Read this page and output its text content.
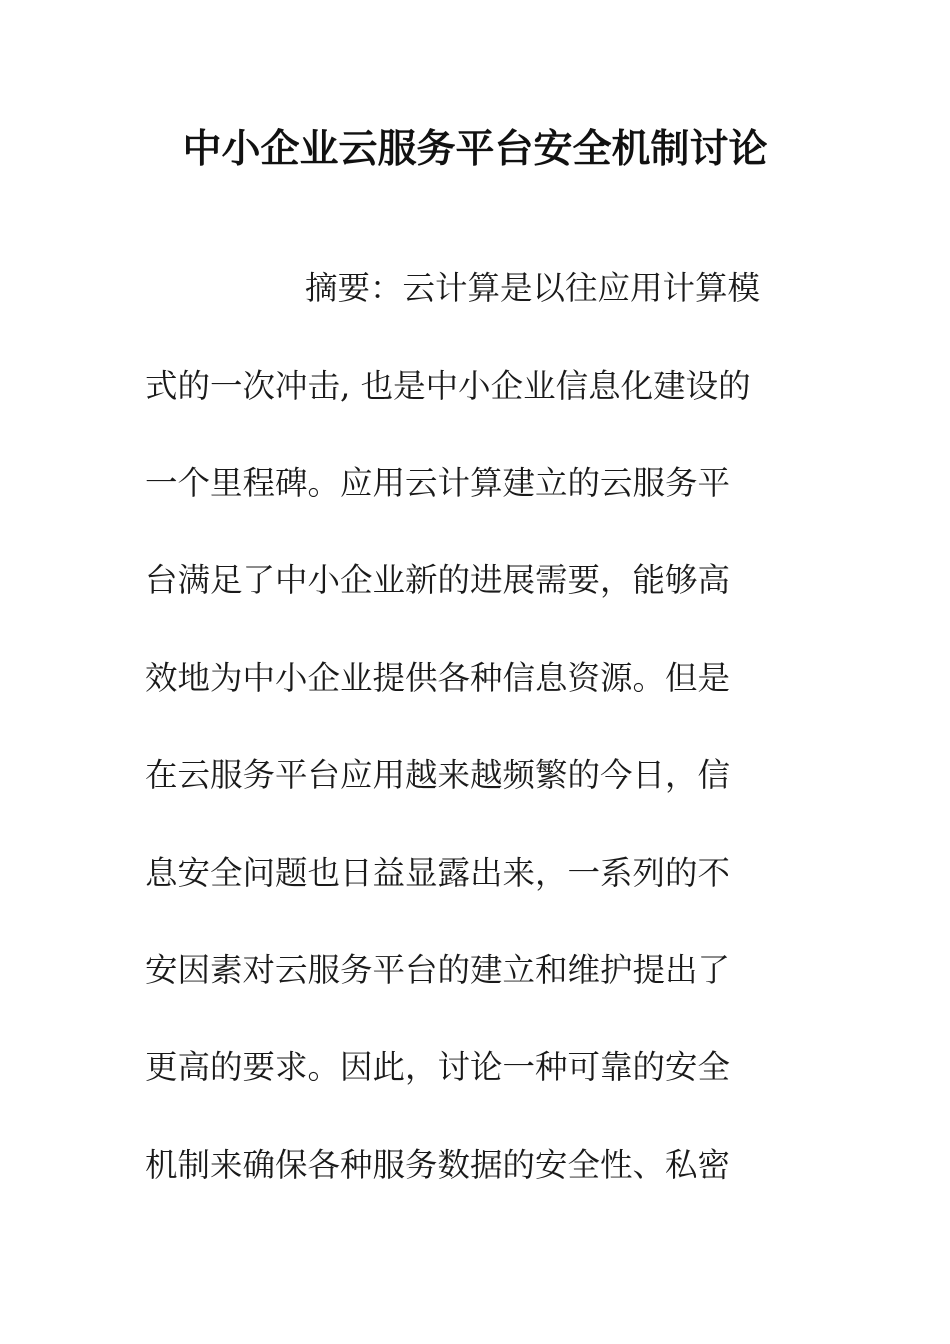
中小企业云服务平台安全机制讨论
摘要：云计算是以往应用计算模
式的一次冲击, 也是中小企业信息化建设的
一个里程碑。应用云计算建立的云服务平
台满足了中小企业新的进展需要，能够高
效地为中小企业提供各种信息资源。但是
在云服务平台应用越来越频繁的今日，信
息安全问题也日益显露出来，一系列的不
安因素对云服务平台的建立和维护提出了
更高的要求。因此，讨论一种可靠的安全
机制来确保各种服务数据的安全性、私密
